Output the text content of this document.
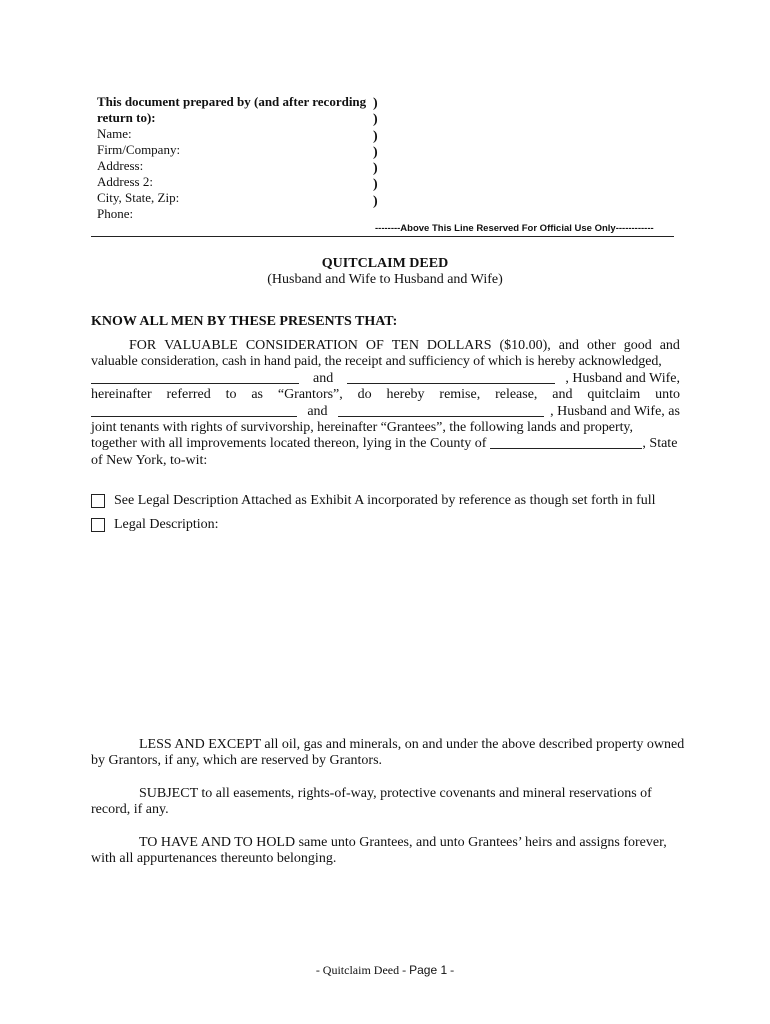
This document prepared by (and after recording
return to):
Name:
Firm/Company:
Address:
Address 2:
City, State, Zip:
Phone:
)
)
)
)
)
)
)
--------Above This Line Reserved For Official Use Only------------
QUITCLAIM DEED
(Husband and Wife to Husband and Wife)
KNOW ALL MEN BY THESE PRESENTS THAT:
FOR VALUABLE CONSIDERATION OF TEN DOLLARS ($10.00), and other good and
valuable consideration, cash in hand paid, the receipt and sufficiency of which is hereby acknowledged,
and	, Husband and Wife,
hereinafter referred to as “Grantors”, do hereby remise, release, and quitclaim unto
and	, Husband and Wife, as
joint tenants with rights of survivorship, hereinafter “Grantees”, the following lands and property,
together with all improvements located thereon, lying in the County of	, State
of New York, to-wit:
See Legal Description Attached as Exhibit A incorporated by reference as though set forth in full
Legal Description:
LESS AND EXCEPT all oil, gas and minerals, on and under the above described property owned
by Grantors, if any, which are reserved by Grantors.
SUBJECT to all easements, rights-of-way, protective covenants and mineral reservations of
record, if any.
TO HAVE AND TO HOLD same unto Grantees, and unto Grantees’ heirs and assigns forever,
with all appurtenances thereunto belonging.
- Quitclaim Deed - Page 1 -
